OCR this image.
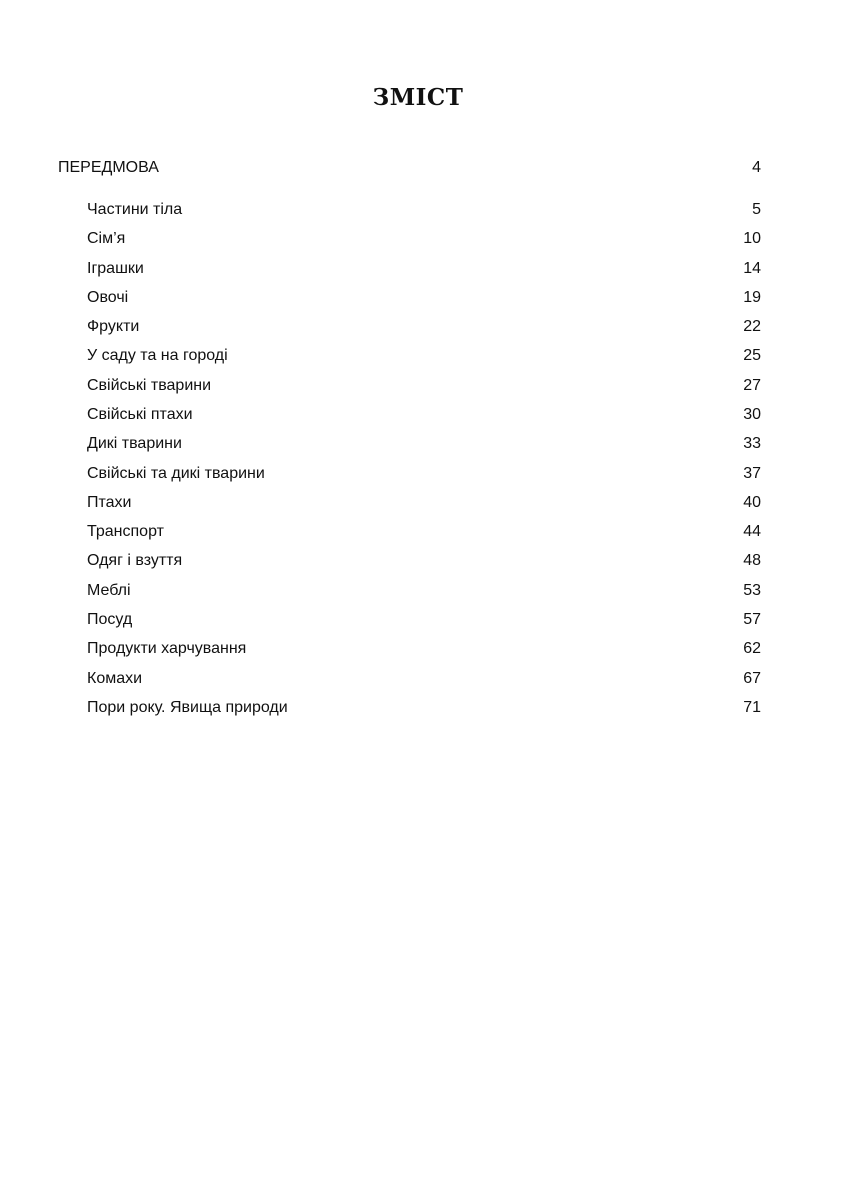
ЗМІСТ
ПЕРЕДМОВА	4
Частини тіла	5
Сім’я	10
Іграшки	14
Овочі	19
Фрукти	22
У саду та на городі	25
Свійські тварини	27
Свійські птахи	30
Дикі тварини	33
Свійські та дикі тварини	37
Птахи	40
Транспорт	44
Одяг і взуття	48
Меблі	53
Посуд	57
Продукти харчування	62
Комахи	67
Пори року. Явища природи	71
